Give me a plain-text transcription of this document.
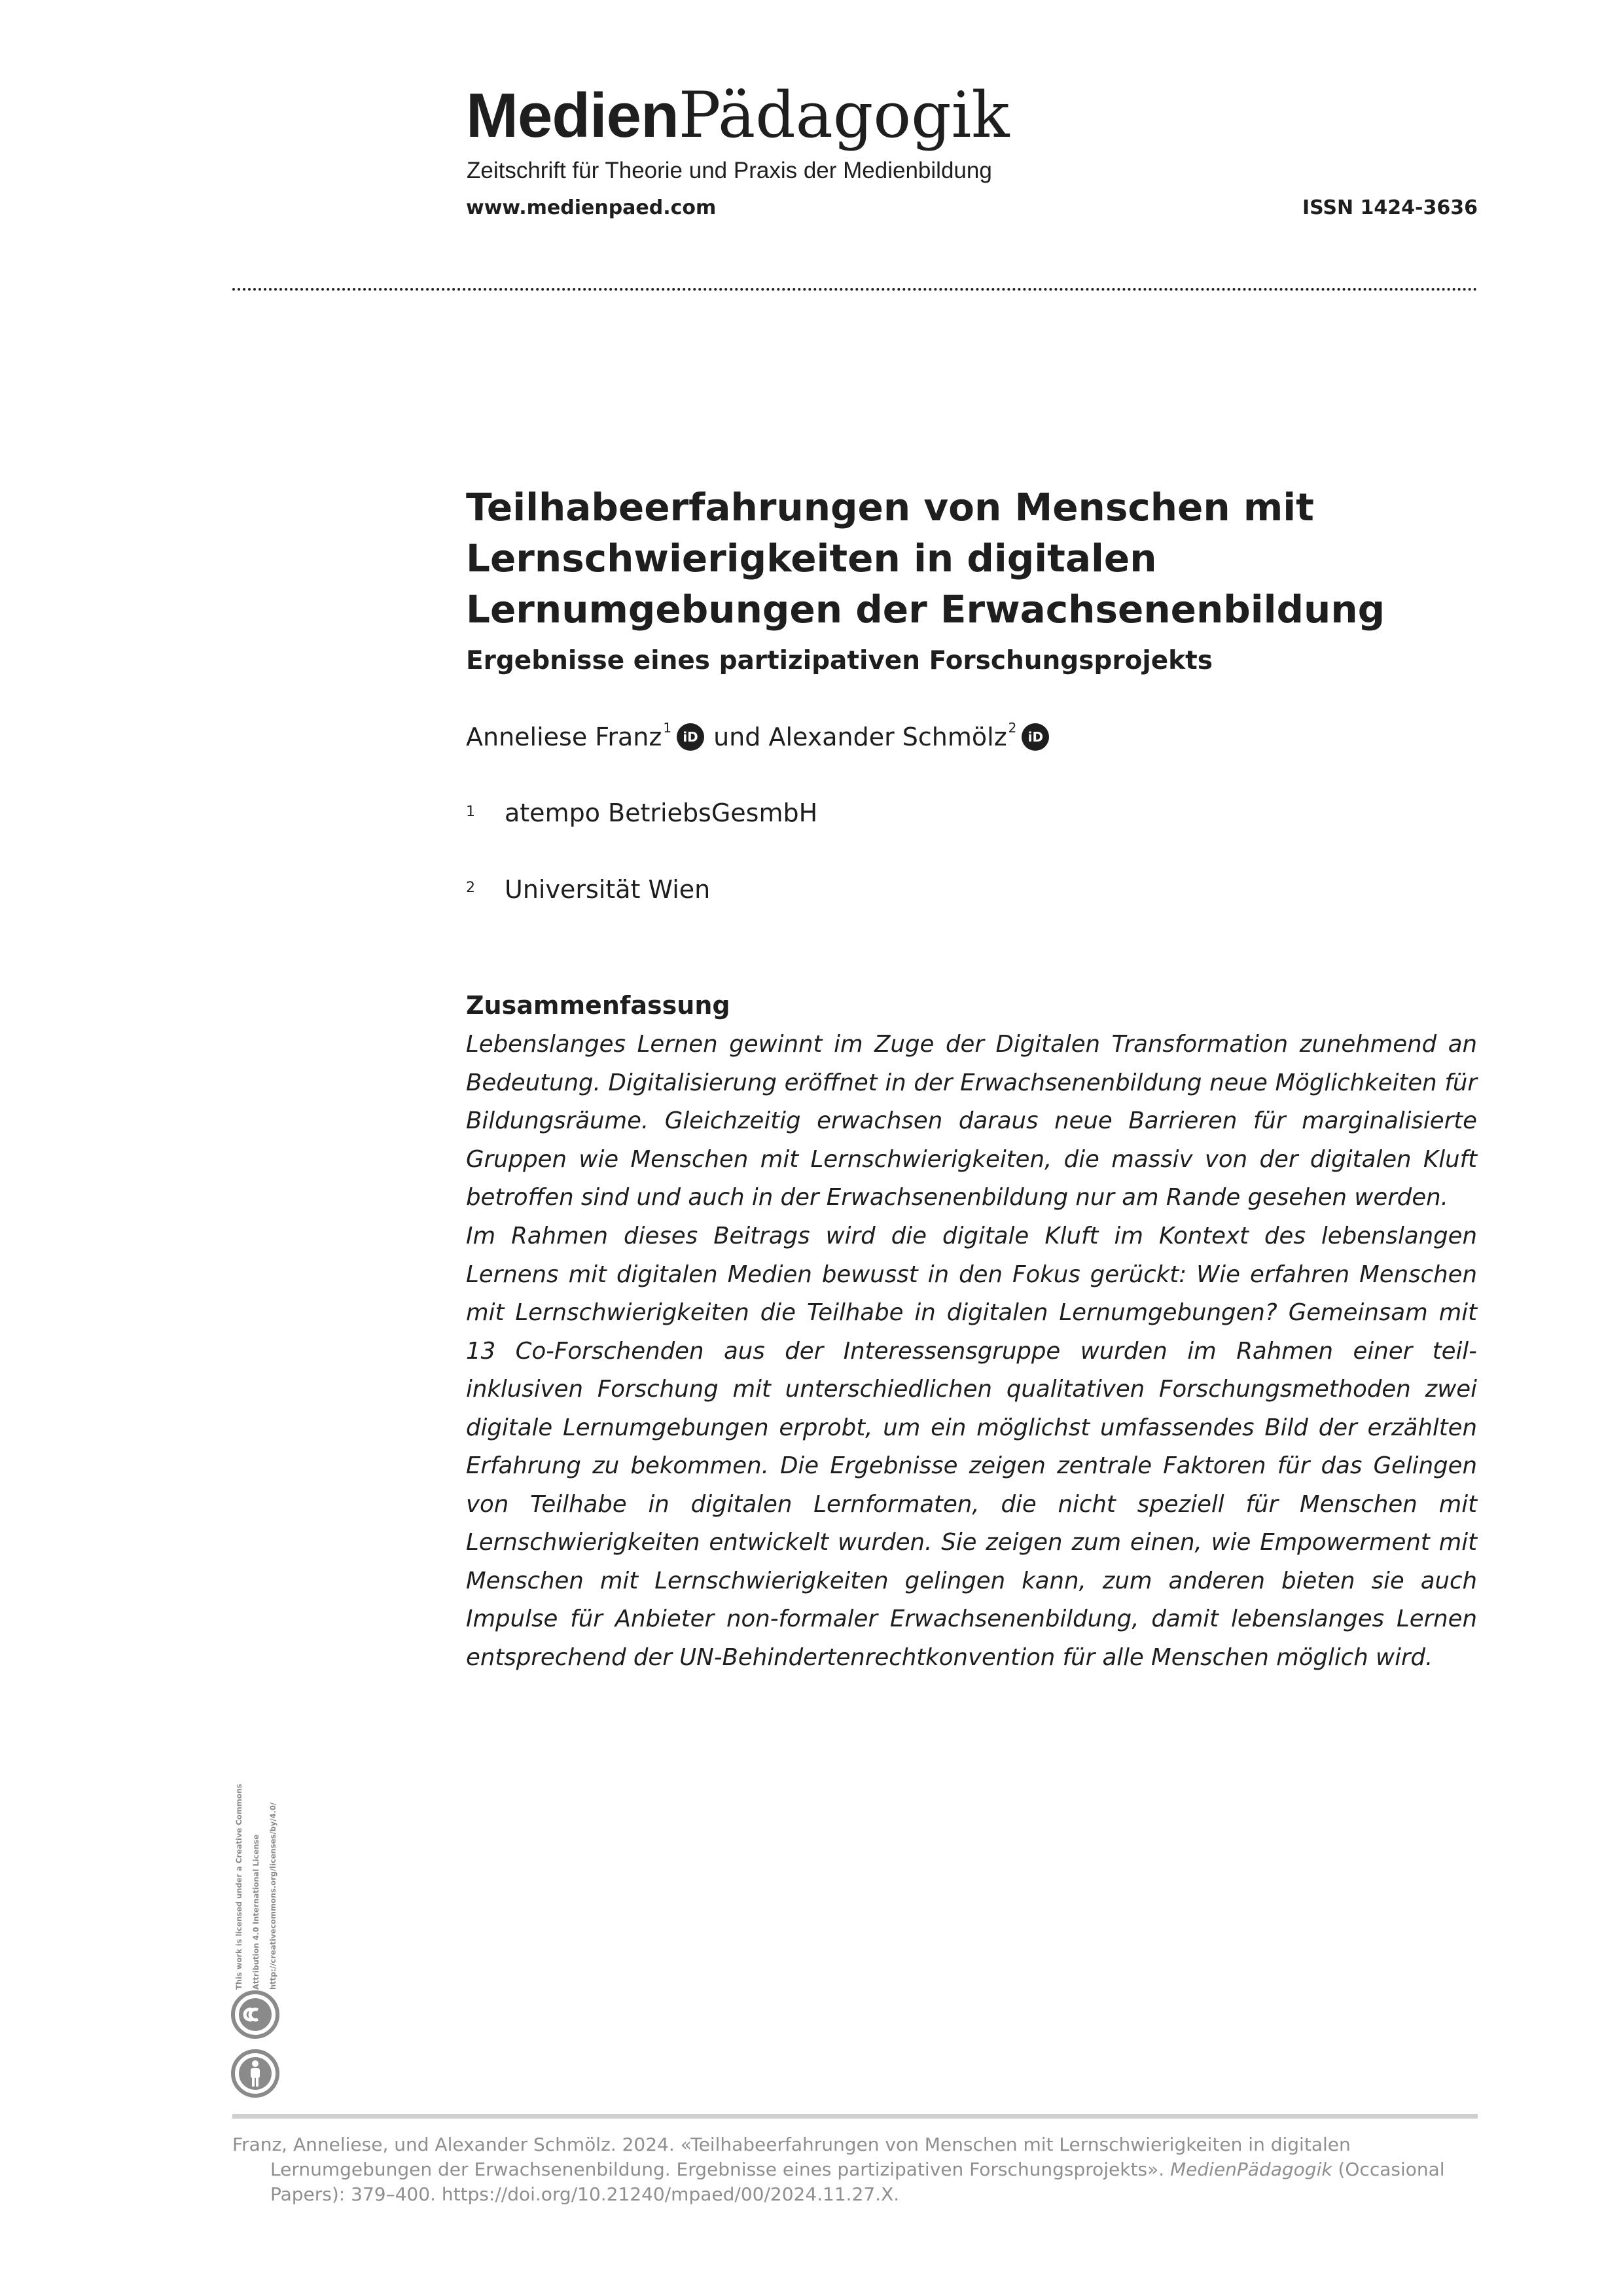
MedienPädagogik
Zeitschrift für Theorie und Praxis der Medienbildung
www.medienpaed.com	ISSN 1424-3636
Teilhabeerfahrungen von Menschen mit Lernschwierigkeiten in digitalen Lernumgebungen der Erwachsenenbildung
Ergebnisse eines partizipativen Forschungsprojekts
Anneliese Franz 1
iD und
Alexander Schmölz 2
iD
1 atempo BetriebsGesmbH
2 Universität Wien
Zusammenfassung

Lebenslanges Lernen gewinnt im Zuge der Digitalen Transformation zunehmend an Bedeutung. Digitalisierung eröffnet in der Erwachsenenbildung neue Möglichkeiten für Bildungsräume. Gleichzeitig erwachsen daraus neue Barrieren für marginalisierte Gruppen wie Menschen mit Lernschwierigkeiten, die massiv von der digitalen Kluft betroffen sind und auch in der Erwachsenenbildung nur am Rande gesehen werden.

Im Rahmen dieses Beitrags wird die digitale Kluft im Kontext des lebenslangen Lernens mit digitalen Medien bewusst in den Fokus gerückt: Wie erfahren Menschen mit Lernschwierigkeiten die Teilhabe in digitalen Lernumgebungen? Gemeinsam mit 13 Co-Forschenden aus der Interessensgruppe wurden im Rahmen einer teil-inklusiven Forschung mit unterschiedlichen qualitativen Forschungsmethoden zwei digitale Lernumgebungen erprobt, um ein möglichst umfassendes Bild der erzählten Erfahrung zu bekommen. Die Ergebnisse zeigen zentrale Faktoren für das Gelingen von Teilhabe in digitalen Lernformaten, die nicht speziell für Menschen mit Lernschwierigkeiten entwickelt wurden. Sie zeigen zum einen, wie Empowerment mit Menschen mit Lernschwierigkeiten gelingen kann, zum anderen bieten sie auch Impulse für Anbieter non-formaler Erwachsenenbildung, damit lebenslanges Lernen entsprechend der UN-Behindertenrechtkonvention für alle Menschen möglich wird.

This work is licensed under a Creative Commons	Attribution 4.0 International License	http://creativecommons.org/licenses/by/4.0/

Franz, Anneliese, und Alexander Schmölz. 2024. «Teilhabeerfahrungen von Menschen mit Lernschwierigkeiten in digitalen Lernumgebungen der Erwachsenenbildung. Ergebnisse eines partizipativen Forschungsprojekts». MedienPädagogik (Occasional Papers): 379–400. https://doi.org/10.21240/mpaed/00/2024.11.27.X.
